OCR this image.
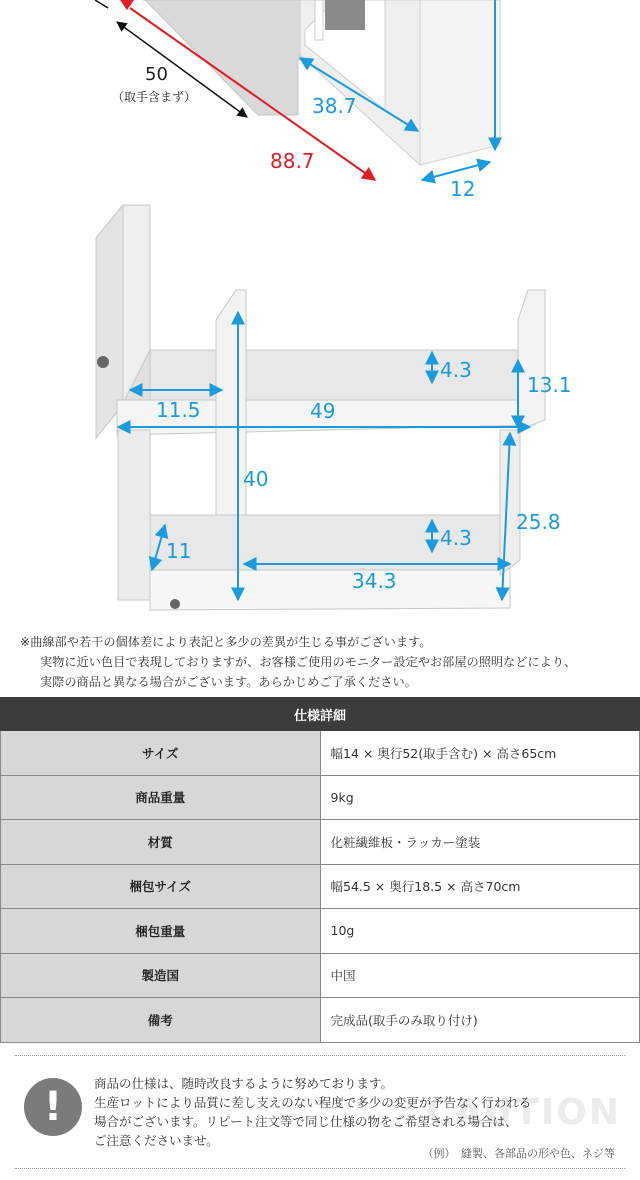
50
（取手含まず）	38.7
88.7
12
4.3
13.1
11.5	49
40
25.8
4.3
11
34.3
※曲線部や若干の個体差により表記と多少の差異が生じる事がございます。
実物に近い色目で表現しておりますが、お客様ご使用のモニター設定やお部屋の照明などにより、
実際の商品と異なる場合がございます。あらかじめご了承ください。
仕様詳細	
サイズ	幅14 × 奥行52(取手含む) × 高さ65cm
商品重量	9kg
材質	化粧繊維板・ラッカー塗装
梱包サイズ	幅54.5 × 奥行18.5 × 高さ70cm
梱包重量	10g
製造国	中国
備考	完成品(取手のみ取り付け)
!	CAUTION
商品の仕様は、随時改良するように努めております。
生産ロットにより品質に差し支えのない程度で多少の変更が予告なく行われる
場合がございます。リピート注文等で同じ仕様の物をご希望される場合は、
ご注意くださいませ。
（例）　縫製、各部品の形や色、ネジ等
